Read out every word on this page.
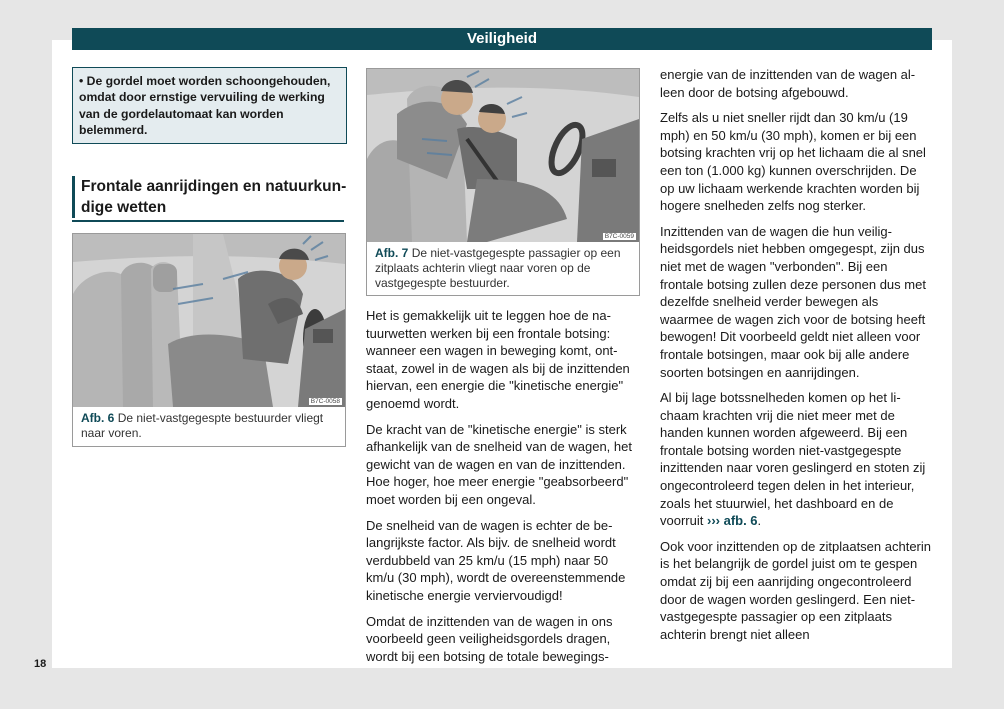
Veiligheid
• De gordel moet worden schoongehouden, omdat door ernstige vervuiling de werking van de gordelautomaat kan worden belemmerd.
Frontale aanrijdingen en natuurkundige wetten
B7C-0058
Afb. 6 De niet-vastgegespte bestuurder vliegt naar voren.
B7C-0059
Afb. 7 De niet-vastgegespte passagier op een zitplaats achterin vliegt naar voren op de vastgegespte bestuurder.

Het is gemakkelijk uit te leggen hoe de natuurwetten werken bij een frontale botsing: wanneer een wagen in beweging komt, ontstaat, zowel in de wagen als bij de inzittenden hiervan, een energie die "kinetische energie" genoemd wordt.

De kracht van de "kinetische energie" is sterk afhankelijk van de snelheid van de wagen, het gewicht van de wagen en van de inzittenden. Hoe hoger, hoe meer energie "geabsorbeerd" moet worden bij een ongeval.

De snelheid van de wagen is echter de belangrijkste factor. Als bijv. de snelheid wordt verdubbeld van 25 km/u (15 mph) naar 50 km/u (30 mph), wordt de overeenstemmende kinetische energie verviervoudigd!

Omdat de inzittenden van de wagen in ons voorbeeld geen veiligheidsgordels dragen, wordt bij een botsing de totale bewegings-

energie van de inzittenden van de wagen alleen door de botsing afgebouwd.

Zelfs als u niet sneller rijdt dan 30 km/u (19 mph) en 50 km/u (30 mph), komen er bij een botsing krachten vrij op het lichaam die al snel een ton (1.000 kg) kunnen overschrijden. De op uw lichaam werkende krachten worden bij hogere snelheden zelfs nog sterker.

Inzittenden van de wagen die hun veiligheidsgordels niet hebben omgegespt, zijn dus niet met de wagen "verbonden". Bij een frontale botsing zullen deze personen dus met dezelfde snelheid verder bewegen als waarmee de wagen zich voor de botsing heeft bewogen! Dit voorbeeld geldt niet alleen voor frontale botsingen, maar ook bij alle andere soorten botsingen en aanrijdingen.

Al bij lage botssnelheden komen op het lichaam krachten vrij die niet meer met de handen kunnen worden afgeweerd. Bij een frontale botsing worden niet-vastgegespte inzittenden naar voren geslingerd en stoten zij ongecontroleerd tegen delen in het interieur, zoals het stuurwiel, het dashboard en de voorruit ››› afb. 6.

Ook voor inzittenden op de zitplaatsen achterin is het belangrijk de gordel juist om te gespen omdat zij bij een aanrijding ongecontroleerd door de wagen worden geslingerd. Een niet-vastgegespte passagier op een zitplaats achterin brengt niet alleen

18
